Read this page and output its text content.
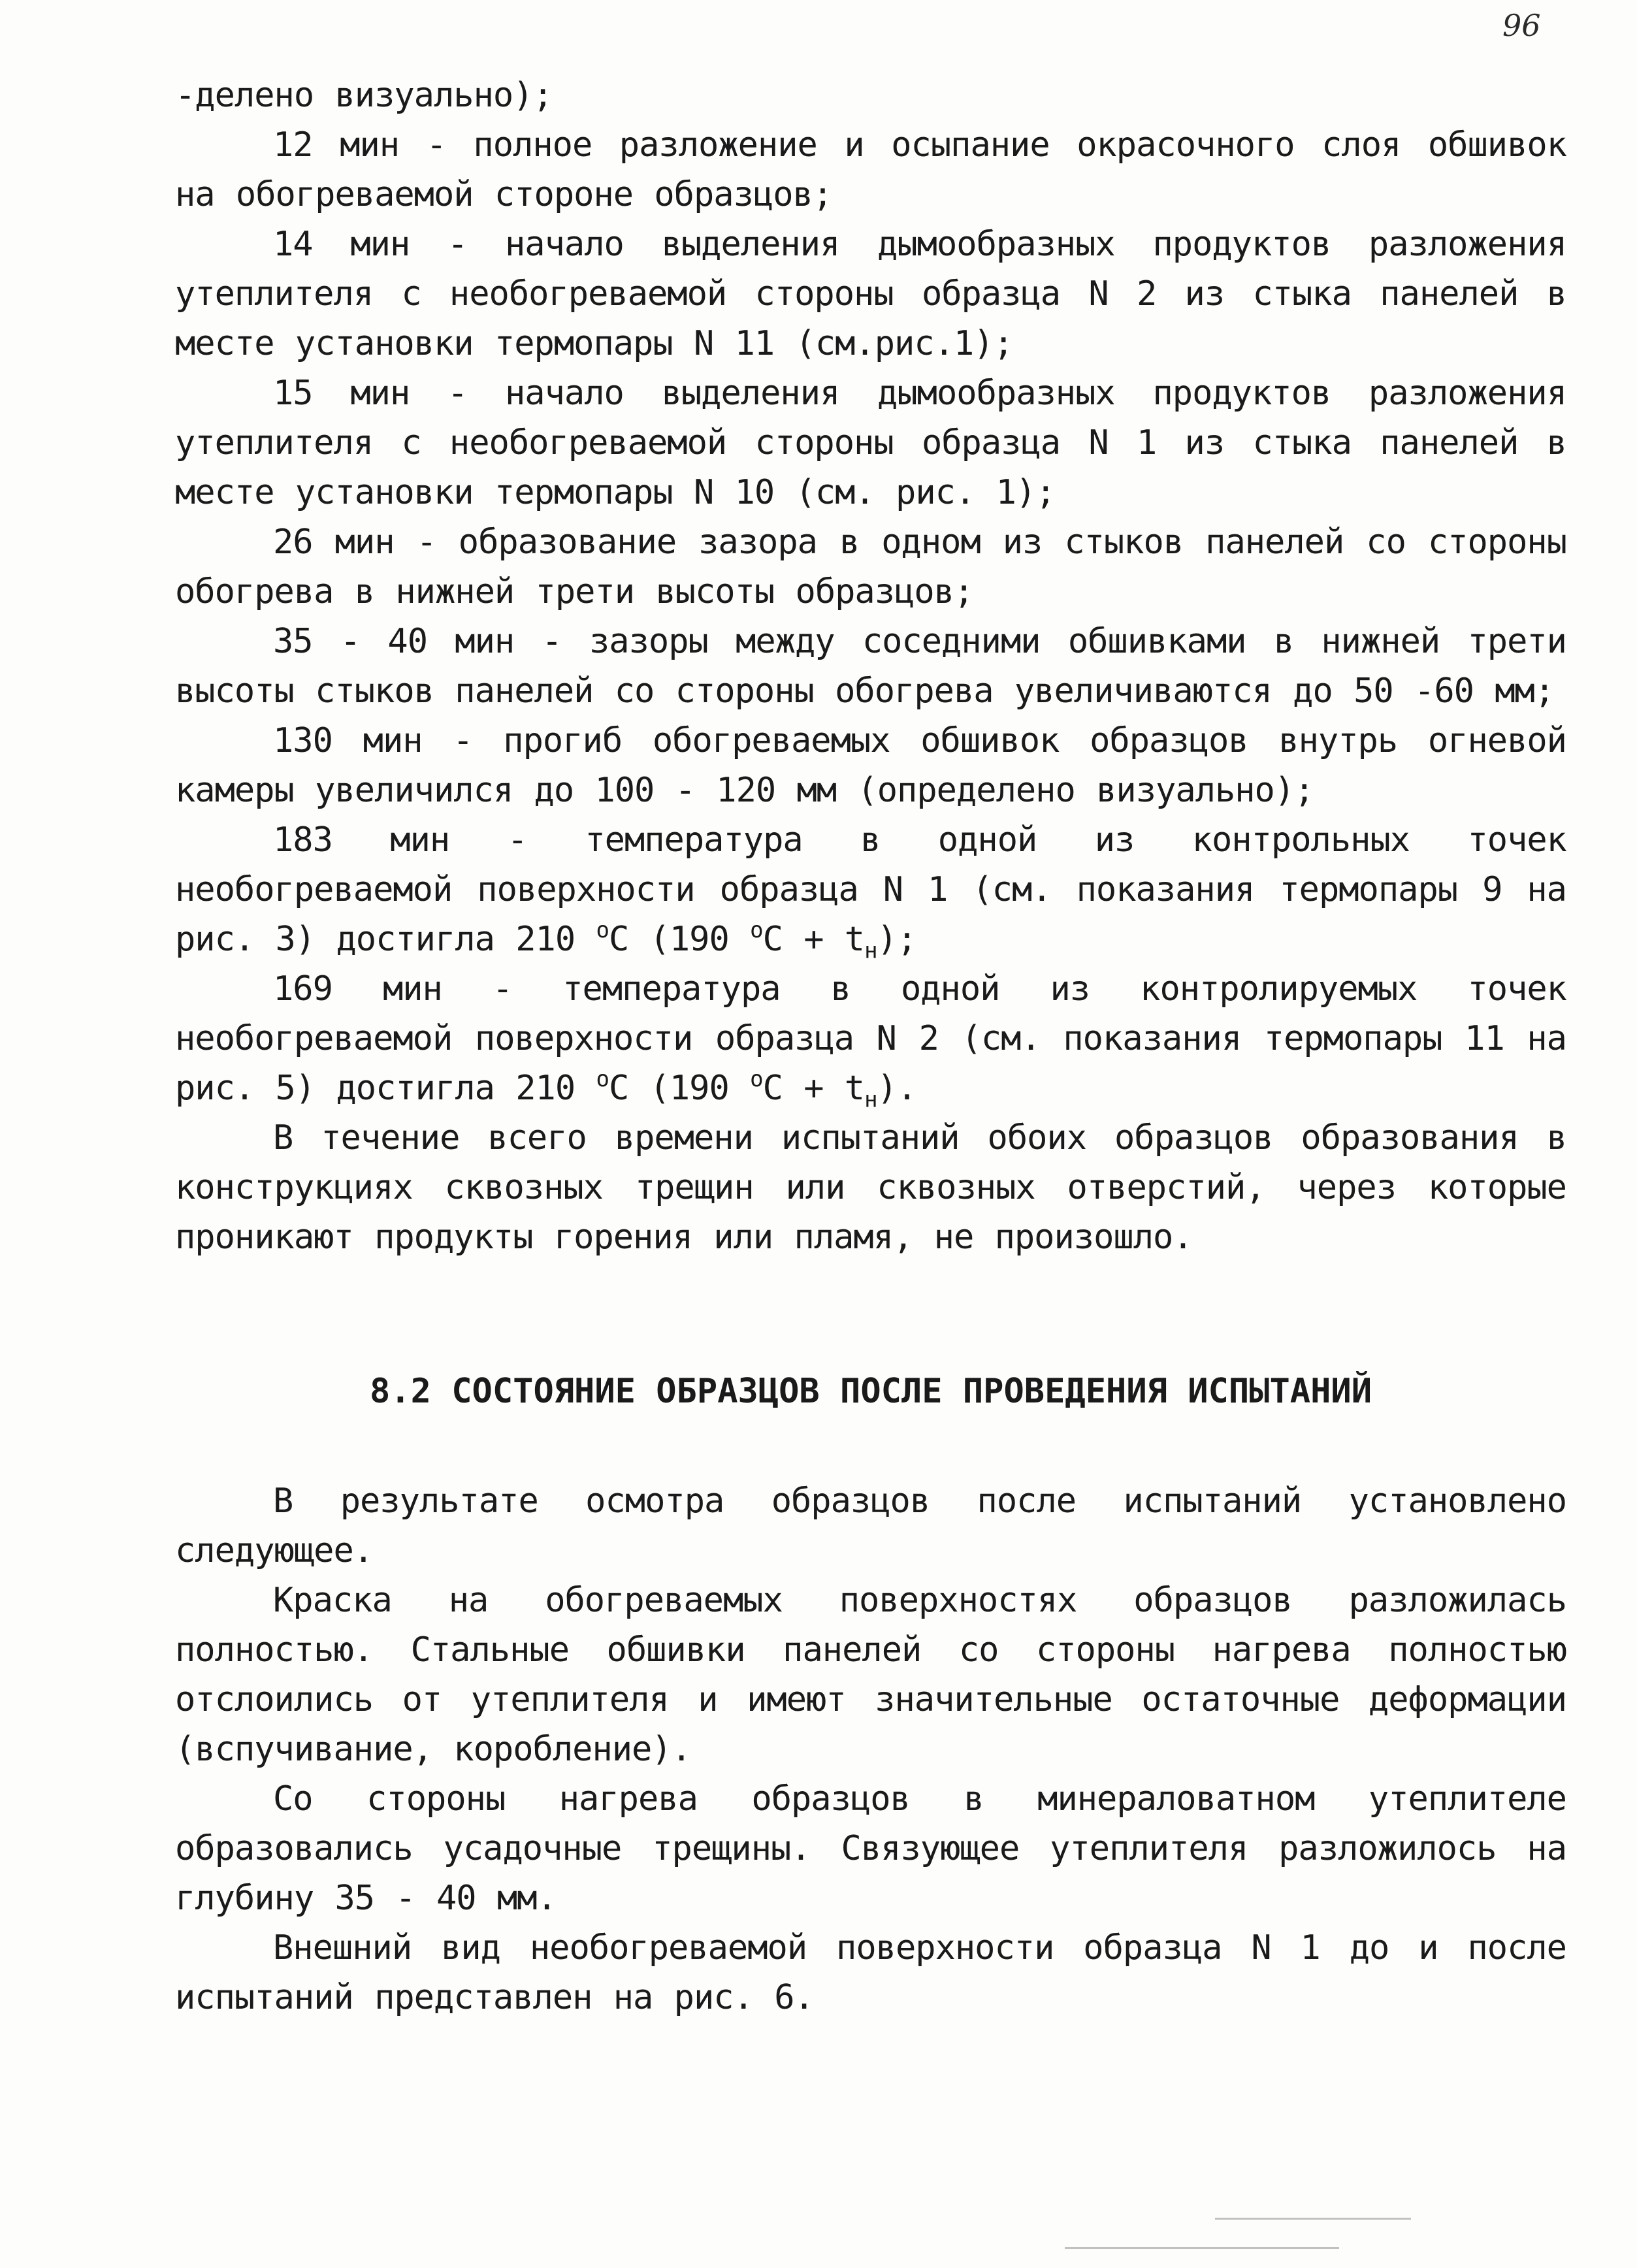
96

-делено визуально);

12 мин - полное разложение и осыпание окрасочного слоя обшивок на обогреваемой стороне образцов;

14 мин - начало выделения дымообразных продуктов разложения утеплителя с необогреваемой стороны образца N 2 из стыка панелей в месте установки термопары N 11 (см.рис.1);

15 мин - начало выделения дымообразных продуктов разложения утеплителя с необогреваемой стороны образца N 1 из стыка панелей в месте установки термопары N 10 (см. рис. 1);

26 мин - образование зазора в одном из стыков панелей со стороны обогрева в нижней трети высоты образцов;

35 - 40 мин - зазоры между соседними обшивками в нижней трети высоты стыков панелей со стороны обогрева увеличиваются до 50 -60 мм;

130 мин - прогиб обогреваемых обшивок образцов внутрь огневой камеры увеличился до 100 - 120 мм (определено визуально);

183 мин - температура в одной из контрольных точек необогреваемой поверхности образца N 1 (см. показания термопары 9 на рис. 3) достигла 210 $^o$C (190 $^oC + t_н$);

169 мин - температура в одной из контролируемых точек необогреваемой поверхности образца N 2 (см. показания термопары 11 на рис. 5) достигла 210 $^o$C (190 $^oC + t_н$).

В течение всего времени испытаний обоих образцов образования в конструкциях сквозных трещин или сквозных отверстий, через которые проникают продукты горения или пламя, не произошло.

8.2 СОСТОЯНИЕ ОБРАЗЦОВ ПОСЛЕ ПРОВЕДЕНИЯ ИСПЫТАНИЙ

В результате осмотра образцов после испытаний установлено следующее.

Краска на обогреваемых поверхностях образцов разложилась полностью. Стальные обшивки панелей со стороны нагрева полностью отслоились от утеплителя и имеют значительные остаточные деформации (вспучивание, коробление).

Со стороны нагрева образцов в минераловатном утеплителе образовались усадочные трещины. Связующее утеплителя разложилось на глубину 35 - 40 мм.

Внешний вид необогреваемой поверхности образца N 1 до и после испытаний представлен на рис. 6.
